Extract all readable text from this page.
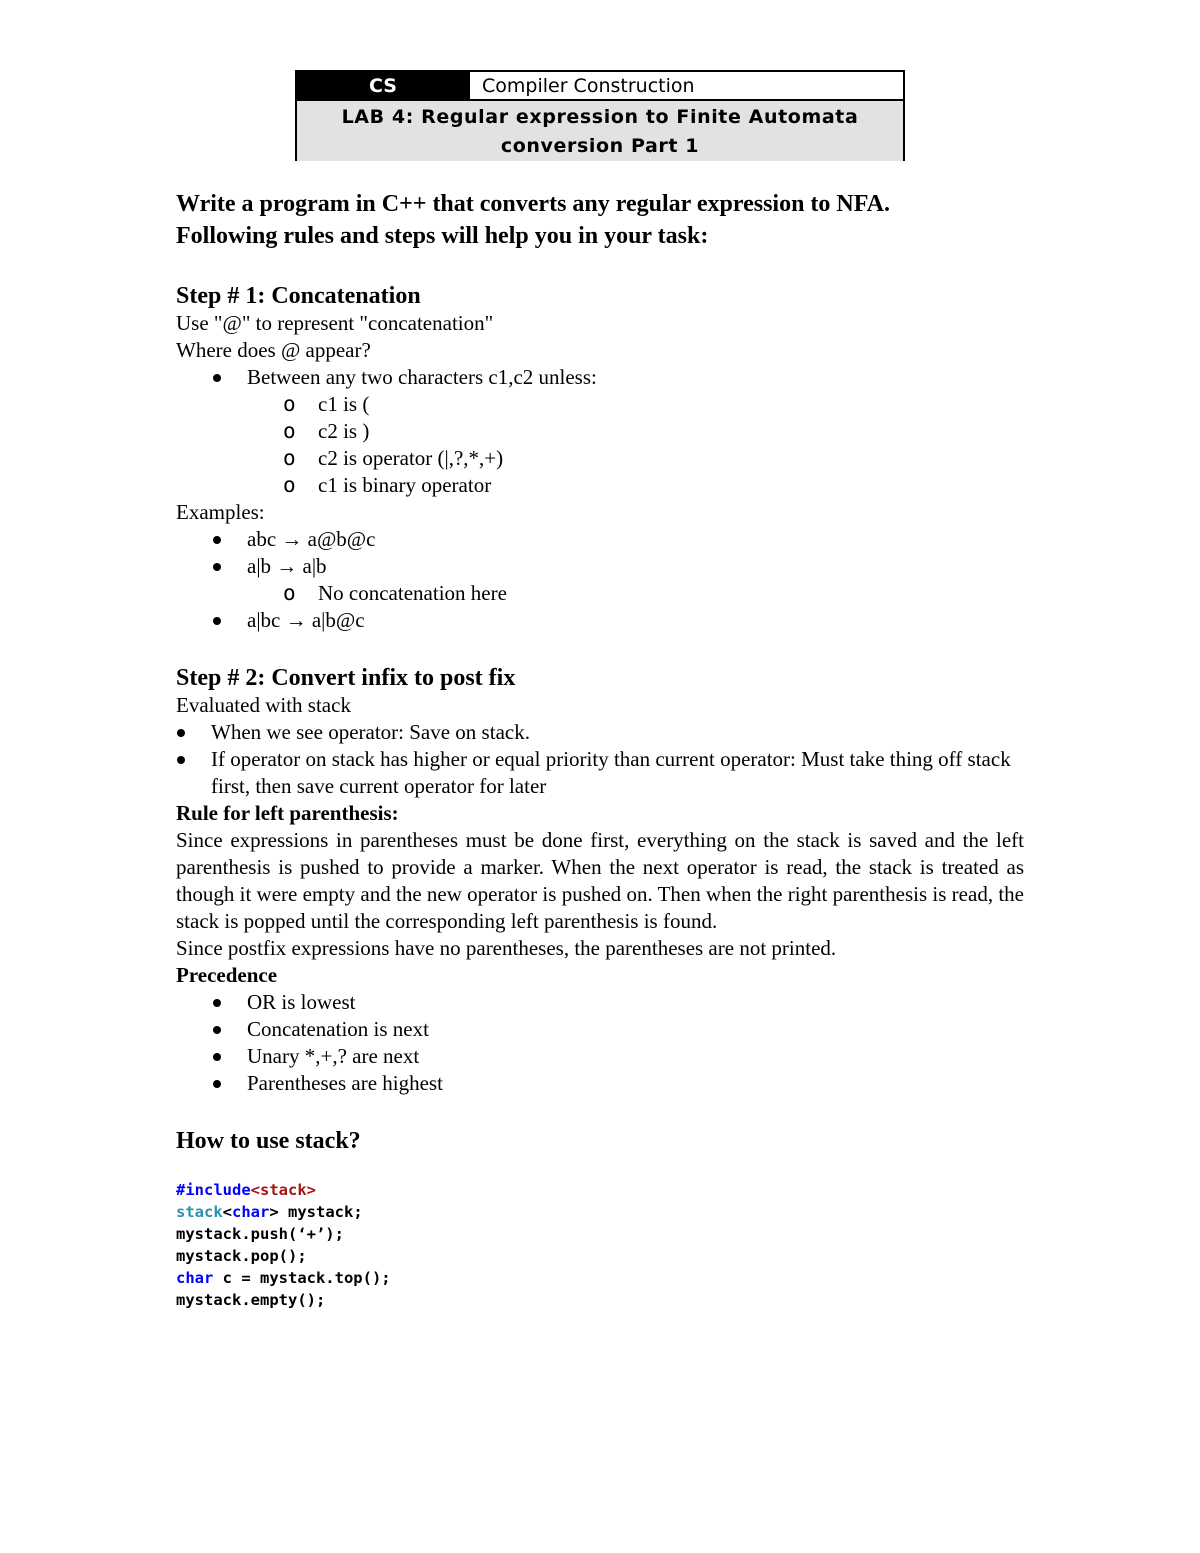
CS	Compiler Construction
LAB 4: Regular expression to Finite Automata
conversion Part 1

Write a program in C++ that converts any regular expression to NFA.

Following rules and steps will help you in your task:

Step # 1: Concatenation

Use "@" to represent "concatenation"

Where does @ appear?

Between any two characters c1,c2 unless:
o c1 is (
o c2 is )
o c2 is operator (|,?,*,+)
o c1 is binary operator

Examples:

abc → a@b@c
a|b → a|b
o No concatenation here
a|bc → a|b@c

Step # 2: Convert infix to post fix

Evaluated with stack

When we see operator: Save on stack.
If operator on stack has higher or equal priority than current operator: Must take thing off stack first, then save current operator for later

Rule for left parenthesis:

Since expressions in parentheses must be done first, everything on the stack is saved and the left parenthesis is pushed to provide a marker. When the next operator is read, the stack is treated as though it were empty and the new operator is pushed on. Then when the right parenthesis is read, the stack is popped until the corresponding left parenthesis is found.

Since postfix expressions have no parentheses, the parentheses are not printed.

Precedence

OR is lowest
Concatenation is next
Unary *,+,? are next
Parentheses are highest

How to use stack?

#include<stack>

stack<char> mystack;

mystack.push(‘+’);

mystack.pop();

char c = mystack.top();

mystack.empty();
